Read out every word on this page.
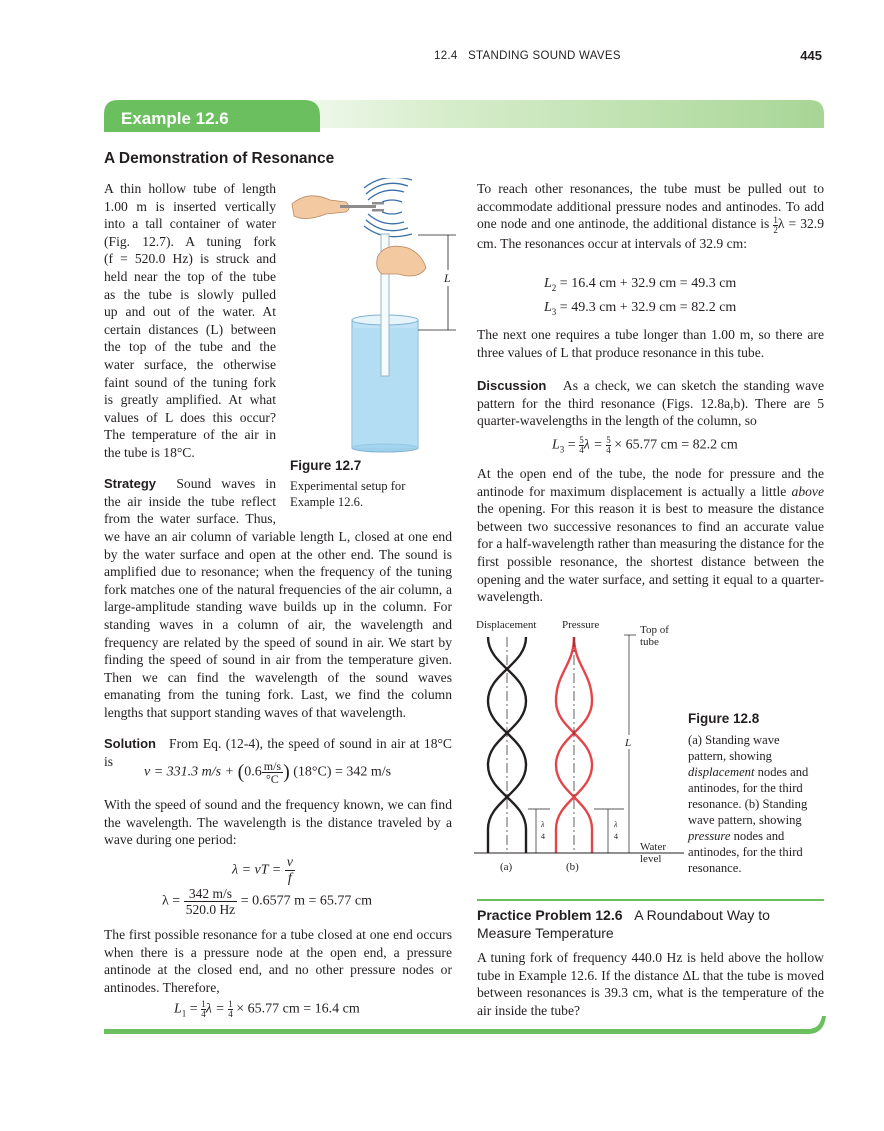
12.4   STANDING SOUND WAVES	445
Example 12.6
A Demonstration of Resonance
A thin hollow tube of length
1.00 m is inserted vertically
into a tall container of water
(Fig. 12.7). A tuning fork
(f = 520.0 Hz) is struck and
held near the top of the tube
as the tube is slowly pulled
up and out of the water. At
certain distances (L) between
the top of the tube and the
water surface, the otherwise
faint sound of the tuning fork
is greatly amplified. At what
values of L does this occur?
The temperature of the air in
the tube is 18°C.
L
Figure 12.7
Experimental setup for Example 12.6.
Strategy Sound waves in
the air inside the tube reflect
from the water surface. Thus,
we have an air column of variable length L, closed at one end by the water surface and open at the other end. The sound is amplified due to resonance; when the frequency of the tuning fork matches one of the natural frequencies of the air column, a large-amplitude standing wave builds up in the column. For standing waves in a column of air, the wavelength and frequency are related by the speed of sound in air. We start by finding the speed of sound in air from the temperature given. Then we can find the wavelength of the sound waves emanating from the tuning fork. Last, we find the column lengths that support standing waves of that wavelength.
Solution From Eq. (12-4), the speed of sound in air at 18°C is
v = 331.3 $m/s + (0.6 \frac{m/s}{^\circ C}$ ) (18°C) = 342 m/s
With the speed of sound and the frequency known, we can find the wavelength. The wavelength is the distance traveled by a wave during one period:
λ = vT = $\frac{v}{f}$
$\lambda = \frac{342 m/s}{520.0 Hz} = 0.6577$ m = 65.77 cm
The first possible resonance for a tube closed at one end occurs when there is a pressure node at the open end, a pressure antinode at the closed end, and no other pressure nodes or antinodes. Therefore,
$L_1 = \frac{1}{4}$ $\lambda = \frac{1}{4} \times 65.77$ cm = 16.4 cm
To reach other resonances, the tube must be pulled out to accommodate additional pressure nodes and antinodes. To add one node and one antinode, the additional distance is $\frac{1}{2}$ λ = 32.9 cm. The resonances occur at intervals of 32.9 cm:
$L_2 = 16.4$ cm + 32.9 cm = 49.3 cm
$L_3 = 49.3$ cm + 32.9 cm = 82.2 cm
The next one requires a tube longer than 1.00 m, so there are three values of L that produce resonance in this tube.
Discussion As a check, we can sketch the standing wave pattern for the third resonance (Figs. 12.8a,b). There are 5 quarter-wavelengths in the length of the column, so
$L_3 = \frac{5}{4}$ $\lambda = \frac{5}{4} \times 65.77$ cm = 82.2 cm
At the open end of the tube, the node for pressure and the antinode for maximum displacement is actually a little above the opening. For this reason it is best to measure the distance between two successive resonances to find an accurate value for a half-wavelength rather than measuring the distance for the first possible resonance, the shortest distance between the opening and the water surface, and setting it equal to a quarter-wavelength.
Displacement Pressure	Top of tube
L
λ
4
λ
4
Water level
(a)	(b)
Figure 12.8
(a) Standing wave pattern, showing displacement nodes and antinodes, for the third resonance. (b) Standing wave pattern, showing pressure nodes and antinodes, for the third resonance.
Practice Problem 12.6 A Roundabout Way to Measure Temperature
A tuning fork of frequency 440.0 Hz is held above the hollow tube in Example 12.6. If the distance ΔL that the tube is moved between resonances is 39.3 cm, what is the temperature of the air inside the tube?
